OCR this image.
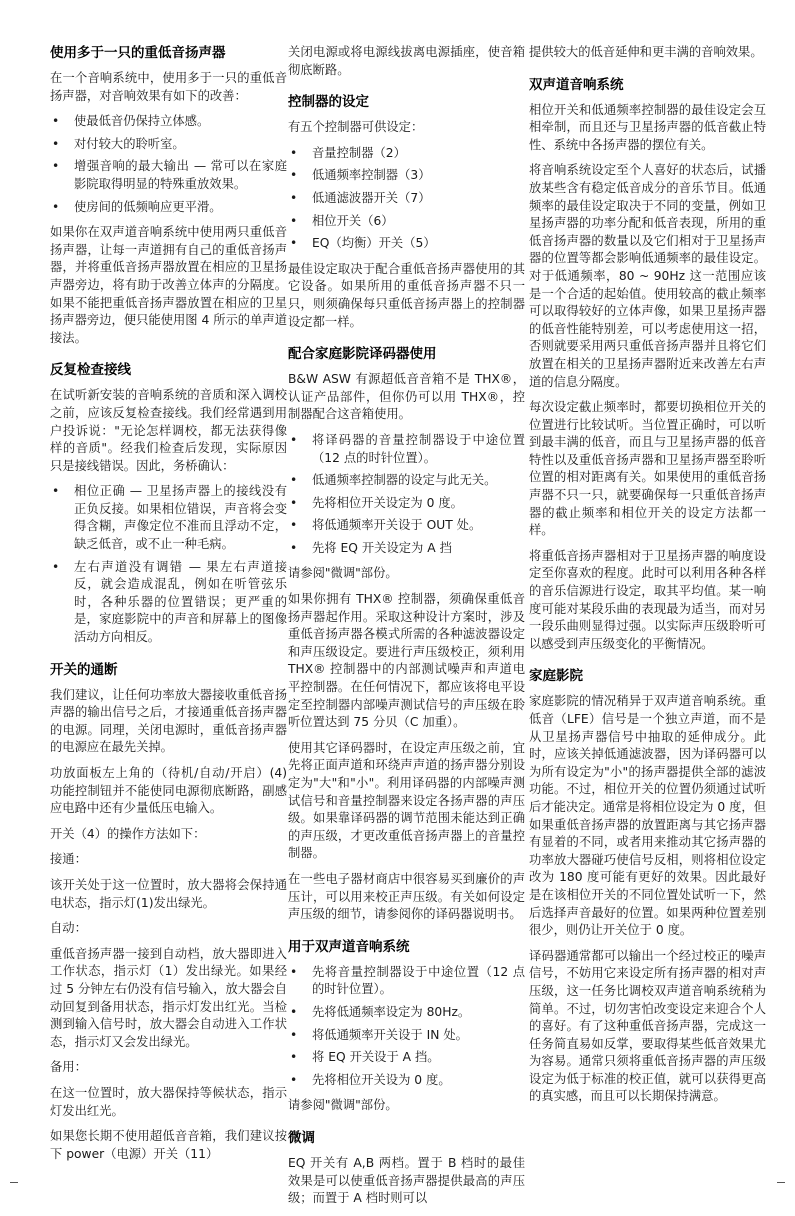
使用多于一只的重低音扬声器

在一个音响系统中，使用多于一只的重低音扬声器，对音响效果有如下的改善：

• 使最低音仍保持立体感。
• 对付较大的聆听室。
• 增强音响的最大输出 — 常可以在家庭影院取得明显的特殊重放效果。
• 使房间的低频响应更平滑。

如果你在双声道音响系统中使用两只重低音扬声器，让每一声道拥有自己的重低音扬声器，并将重低音扬声器放置在相应的卫星扬声器旁边，将有助于改善立体声的分隔度。如果不能把重低音扬声器放置在相应的卫星扬声器旁边，便只能使用图 4 所示的单声道接法。

反复检查接线

在试听新安装的音响系统的音质和深入调校之前，应该反复检查接线。我们经常遇到用户投诉说："无论怎样调校，都无法获得像样的音质"。经我们检查后发现，实际原因只是接线错误。因此，务桥确认：

• 相位正确 — 卫星扬声器上的接线没有正负反接。如果相位错误，声音将会变得含糊，声像定位不准而且浮动不定，缺乏低音，或不止一种毛病。
• 左右声道没有调错 — 果左右声道接反，就会造成混乱，例如在听管弦乐时，各种乐器的位置错误；更严重的是，家庭影院中的声音和屏幕上的图像活动方向相反。
开关的通断

我们建议，让任何功率放大器接收重低音扬声器的输出信号之后，才接通重低音扬声器的电源。同理，关闭电源时，重低音扬声器的电源应在最先关掉。

功放面板左上角的（待机/自动/开启）(4) 功能控制钮并不能使同电源彻底断路，副感应电路中还有少量低压电输入。

开关（4）的操作方法如下：

接通：

该开关处于这一位置时，放大器将会保持通电状态，指示灯(1)发出绿光。

自动：

重低音扬声器一接到自动档，放大器即进入工作状态，指示灯（1）发出绿光。如果经过 5 分钟左右仍没有信号输入，放大器会自动回复到备用状态，指示灯发出红光。当检测到输入信号时，放大器会自动进入工作状态，指示灯又会发出绿光。

备用：

在这一位置时，放大器保持等候状态，指示灯发出红光。

如果您长期不使用超低音音箱，我们建议按下 power（电源）开关（11）

关闭电源或将电源线拔离电源插座，使音箱彻底断路。

控制器的设定

有五个控制器可供设定：

• 音量控制器（2）
• 低通频率控制器（3）
• 低通滤波器开关（7）
• 相位开关（6）
• EQ（均衡）开关（5）

最佳设定取决于配合重低音扬声器使用的其它设备。如果所用的重低音扬声器不只一只，则须确保每只重低音扬声器上的控制器设定都一样。

配合家庭影院译码器使用

B&W ASW 有源超低音音箱不是 THX®，认证产品部件，但你仍可以用 THX®，控制器配合这音箱使用。

• 将译码器的音量控制器设于中途位置（12 点的时针位置）。
• 低通频率控制器的设定与此无关。
• 先将相位开关设定为 0 度。
• 将低通频率开关设于 OUT 处。
• 先将 EQ 开关设定为 A 挡

请参阅"微调"部份。

如果你拥有 THX® 控制器，须确保重低音扬声器起作用。采取这种设计方案时，涉及重低音扬声器各模式所需的各种滤波器设定和声压级设定。要进行声压级校正，须利用 THX® 控制器中的内部测试噪声和声道电平控制器。在任何情况下，都应该将电平设定至控制器内部噪声测试信号的声压级在聆听位置达到 75 分贝（C 加重）。

使用其它译码器时，在设定声压级之前，宜先将正面声道和环绕声声道的扬声器分别设定为"大"和"小"。利用译码器的内部噪声测试信号和音量控制器来设定各扬声器的声压级。如果靠译码器的调节范围未能达到正确的声压级，才更改重低音扬声器上的音量控制器。

在一些电子器材商店中很容易买到廉价的声压计，可以用来校正声压级。有关如何设定声压级的细节，请参阅你的译码器说明书。

用于双声道音响系统
• 先将音量控制器设于中途位置（12 点的时针位置）。
• 先将低通频率设定为 80Hz。
• 将低通频率开关设于 IN 处。
• 将 EQ 开关设于 A 挡。
• 先将相位开关设为 0 度。

请参阅"微调"部份。

微调

EQ 开关有 A,B 两档。置于 B 档时的最佳效果是可以使重低音扬声器提供最高的声压级；而置于 A 档时则可以

提供较大的低音延伸和更丰满的音响效果。

双声道音响系统

相位开关和低通频率控制器的最佳设定会互相牵制，而且还与卫星扬声器的低音截止特性、系统中各扬声器的摆位有关。

将音响系统设定至个人喜好的状态后，试播放某些含有稳定低音成分的音乐节目。低通频率的最佳设定取决于不同的变量，例如卫星扬声器的功率分配和低音表现，所用的重低音扬声器的数量以及它们相对于卫星扬声器的位置等都会影响低通频率的最佳设定。对于低通频率，80 ~ 90Hz 这一范围应该是一个合适的起始值。使用较高的截止频率可以取得较好的立体声像，如果卫星扬声器的低音性能特别差，可以考虑使用这一招，否则就要采用两只重低音扬声器并且将它们放置在相关的卫星扬声器附近来改善左右声道的信息分隔度。

每次设定截止频率时，都要切换相位开关的位置进行比较试听。当位置正确时，可以听到最丰满的低音，而且与卫星扬声器的低音特性以及重低音扬声器和卫星扬声器至聆听位置的相对距离有关。如果使用的重低音扬声器不只一只，就要确保每一只重低音扬声器的截止频率和相位开关的设定方法都一样。

将重低音扬声器相对于卫星扬声器的响度设定至你喜欢的程度。此时可以利用各种各样的音乐信源进行设定，取其平均值。某一响度可能对某段乐曲的表现最为适当，而对另一段乐曲则显得过强。以实际声压级聆听可以感受到声压级变化的平衡情况。

家庭影院

家庭影院的情况稍异于双声道音响系统。重低音（LFE）信号是一个独立声道，而不是从卫星扬声器信号中抽取的延伸成分。此时，应该关掉低通滤波器，因为译码器可以为所有设定为"小"的扬声器提供全部的滤波功能。不过，相位开关的位置仍须通过试听后才能决定。通常是将相位设定为 0 度，但如果重低音扬声器的放置距离与其它扬声器有显着的不同，或者用来推动其它扬声器的功率放大器碰巧使信号反相，则将相位设定改为 180 度可能有更好的效果。因此最好是在该相位开关的不同位置处试听一下，然后选择声音最好的位置。如果两种位置差别很少，则仍让开关位于 0 度。

译码器通常都可以输出一个经过校正的噪声信号，不妨用它来设定所有扬声器的相对声压级，这一任务比调校双声道音响系统稍为简单。不过，切勿害怕改变设定来迎合个人的喜好。有了这种重低音扬声器，完成这一任务简直易如反掌，要取得某些低音效果尤为容易。通常只须将重低音扬声器的声压级设定为低于标准的校正值，就可以获得更高的真实感，而且可以长期保持满意。
